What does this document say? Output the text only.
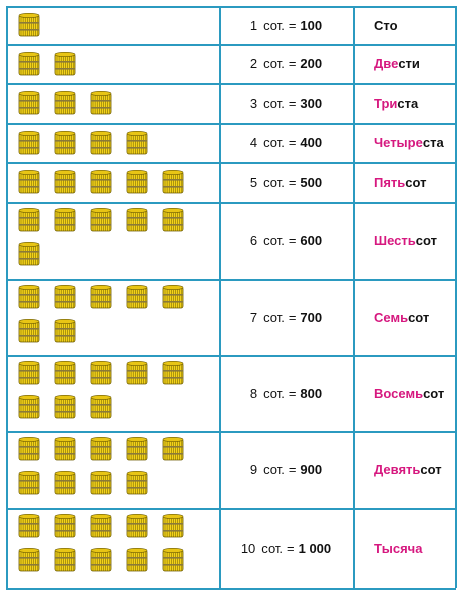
1 сот. = 100	Сто
2 сот. = 200	Две сти
3 сот. = 300	Три ста
4 сот. = 400	Четыре ста
5 сот. = 500	Пять сот
6 сот. = 600	Шесть сот
7 сот. = 700	Семь сот
8 сот. = 800	Восемь сот
9 сот. = 900	Девять сот
10 сот. = 1 000	Тысяча
